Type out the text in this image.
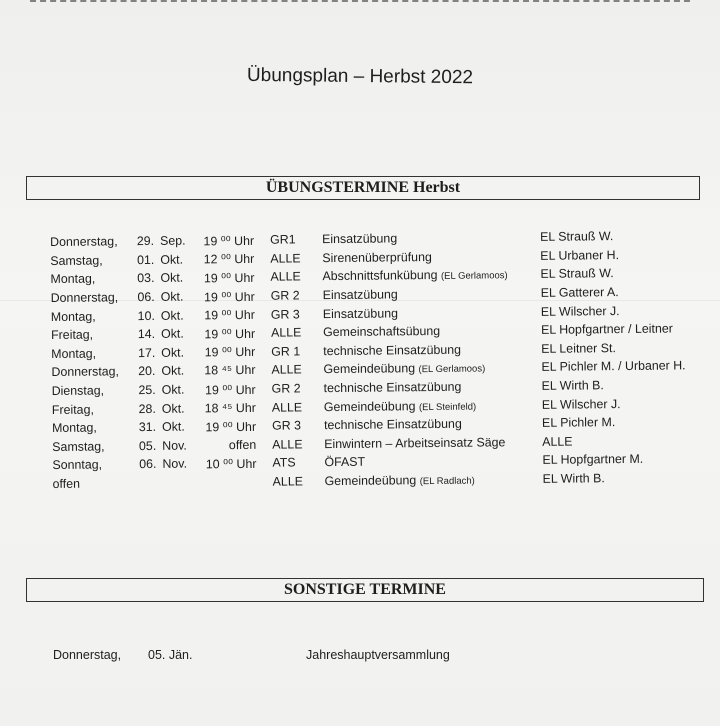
Übungsplan – Herbst 2022
ÜBUNGSTERMINE Herbst
Donnerstag,	29.	Sep.	19 ⁰⁰ Uhr	GR1	Einsatzübung	EL Strauß W.
Samstag,	01.	Okt.	12 ⁰⁰ Uhr	ALLE	Sirenenüberprüfung	EL Urbaner H.
Montag,	03.	Okt.	19 ⁰⁰ Uhr	ALLE	Abschnittsfunkübung (EL Gerlamoos)	EL Strauß W.
Donnerstag,	06.	Okt.	19 ⁰⁰ Uhr	GR 2	Einsatzübung	EL Gatterer A.
Montag,	10.	Okt.	19 ⁰⁰ Uhr	GR 3	Einsatzübung	EL Wilscher J.
Freitag,	14.	Okt.	19 ⁰⁰ Uhr	ALLE	Gemeinschaftsübung	EL Hopfgartner / Leitner
Montag,	17.	Okt.	19 ⁰⁰ Uhr	GR 1	technische Einsatzübung	EL Leitner St.
Donnerstag,	20.	Okt.	18 ⁴⁵ Uhr	ALLE	Gemeindeübung (EL Gerlamoos)	EL Pichler M. / Urbaner H.
Dienstag,	25.	Okt.	19 ⁰⁰ Uhr	GR 2	technische Einsatzübung	EL Wirth B.
Freitag,	28.	Okt.	18 ⁴⁵ Uhr	ALLE	Gemeindeübung (EL Steinfeld)	EL Wilscher J.
Montag,	31.	Okt.	19 ⁰⁰ Uhr	GR 3	technische Einsatzübung	EL Pichler M.
Samstag,	05.	Nov.	offen	ALLE	Einwintern – Arbeitseinsatz Säge	ALLE
Sonntag,	06.	Nov.	10 ⁰⁰ Uhr	ATS	ÖFAST	EL Hopfgartner M.
offen				ALLE	Gemeindeübung (EL Radlach)	EL Wirth B.
SONSTIGE TERMINE
Donnerstag, 05. Jän.	Jahreshauptversammlung
